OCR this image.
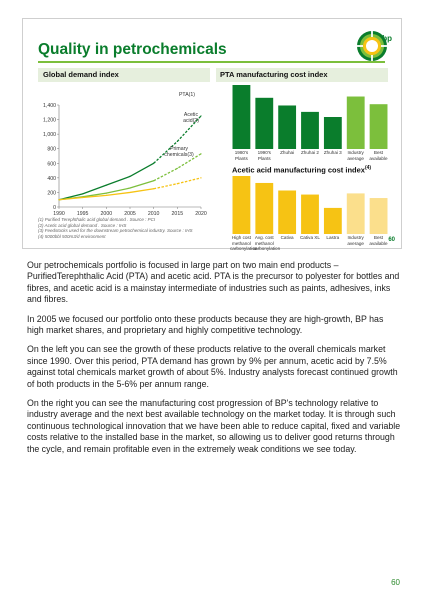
Quality in petrochemicals
bp
Global demand index	PTA manufacturing cost index
0
200
400
600
800
1,000
1,200
1,400
1990 1995 2000 2005 2010 2015 2020
PTA(1)
Acetic acid(2)
Primary chemicals(3)	1980's Plants
1990's Plants
Zhuhai	Zhuhai 2	Zhuhai 3	Industry average
Best available
Acetic acid manufacturing cost index$^{(4)}$
High cost methanol carbonylation
Avg. cost methanol carbonylation
Cativa	Cativa XL	Lastra	Industry average
Best available
(1) Purified Terephthalic acid global demand . Source : PCI
(2) Acetic acid global demand . Source : IHS
(3) Feedstocks used for the downstream petrochemical industry. Source : IHS
(4) 5000bbl 500m3/d environment
60

Our petrochemicals portfolio is focused in large part on two main end products – PurifiedTerephthalic Acid (PTA) and acetic acid. PTA is the precursor to polyester for bottles and fibres, and acetic acid is a mainstay intermediate of industries such as paints, adhesives, inks and fibres.

In 2005 we focused our portfolio onto these products because they are high-growth, BP has high market shares, and proprietary and highly competitive technology.

On the left you can see the growth of these products relative to the overall chemicals market since 1990. Over this period, PTA demand has grown by 9% per annum, acetic acid by 7.5% against total chemicals market growth of about 5%. Industry analysts forecast continued growth of both products in the 5-6% per annum range.

On the right you can see the manufacturing cost progression of BP's technology relative to industry average and the next best available technology on the market today. It is through such continuous technological innovation that we have been able to reduce capital, fixed and variable costs relative to the installed base in the market, so allowing us to deliver good returns through the cycle, and remain profitable even in the extremely weak conditions we see today.

60
